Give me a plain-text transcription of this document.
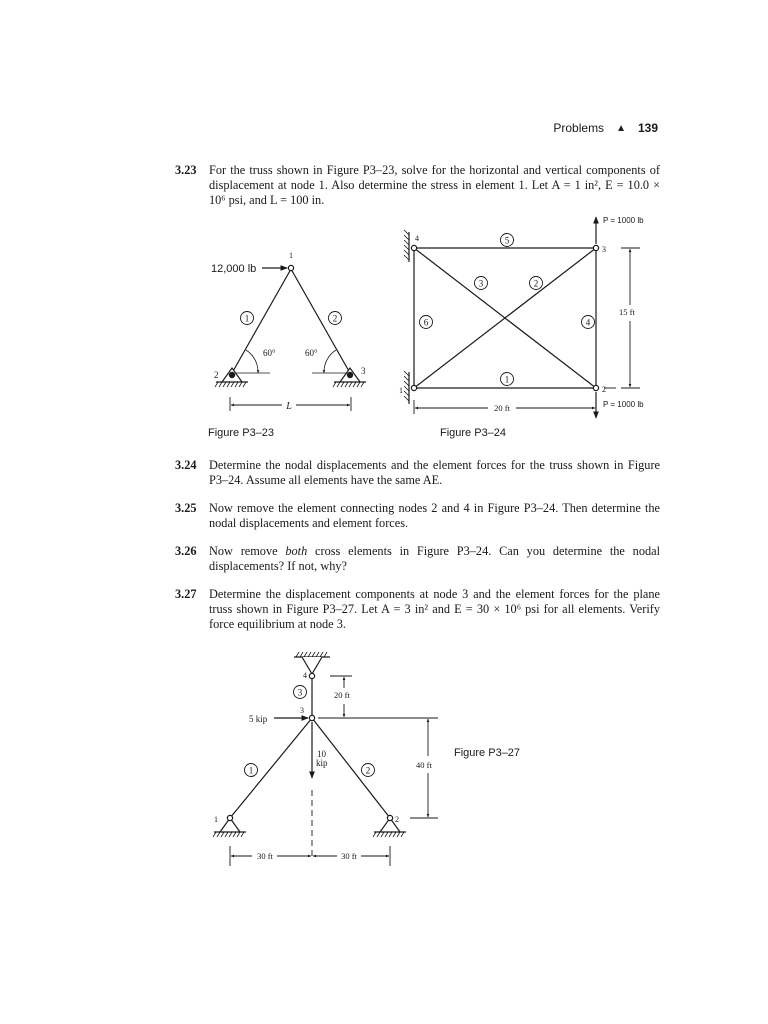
Problems ▲ 139
3.23	For the truss shown in Figure P3–23, solve for the horizontal and vertical components of displacement at node 1. Also determine the stress in element 1. Let A = 1 in², E = 10.0 × 10⁶ psi, and L = 100 in.
3.24	Determine the nodal displacements and the element forces for the truss shown in Figure P3–24. Assume all elements have the same AE.
3.25	Now remove the element connecting nodes 2 and 4 in Figure P3–24. Then determine the nodal displacements and element forces.
3.26	Now remove both cross elements in Figure P3–24. Can you determine the nodal displacements? If not, why?
3.27	Determine the displacement components at node 3 and the element forces for the plane truss shown in Figure P3–27. Let A = 3 in² and E = 30 × 10⁶ psi for all elements. Verify force equilibrium at node 3.
Figure P3–23	Figure P3–24
Figure P3–27
12,000 lb
1
2	3
1	2
60°	60°
L
P = 1000 lb
P = 1000 lb
4
1
3
2
5
3	2
6	4
1
20 ft
15 ft
5 kip
10
kip
4
3
1	2
3
1	2
20 ft
40 ft
30 ft	30 ft
